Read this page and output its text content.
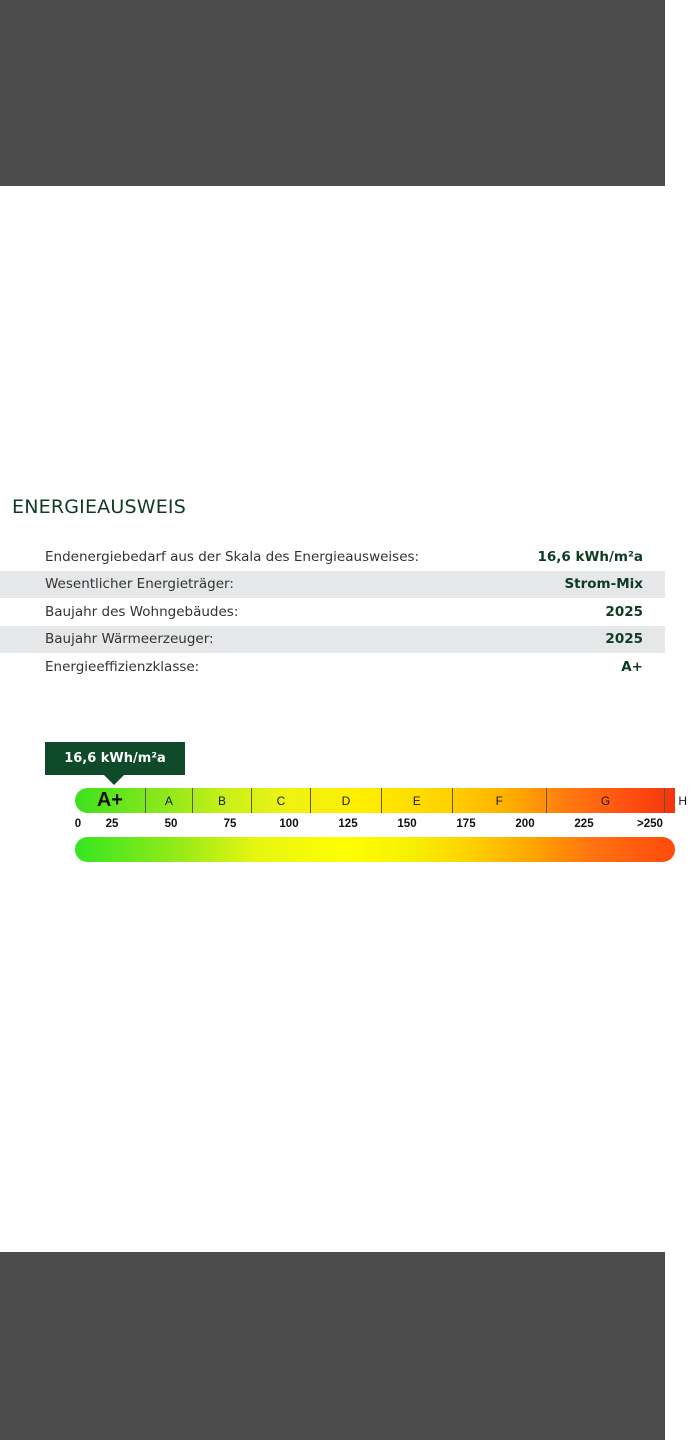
ENERGIEAUSWEIS
Endenergiebedarf aus der Skala des Energieausweises:	16,6 kWh/m²a
Wesentlicher Energieträger:	Strom-Mix
Baujahr des Wohngebäudes:	2025
Baujahr Wärmeerzeuger:	2025
Energieeffizienzklasse:	A+
16,6 kWh/m²a
A+	A	B	C	D	E	F	G	H
0 25	50	75	100	125	150	175	200	225	>250
